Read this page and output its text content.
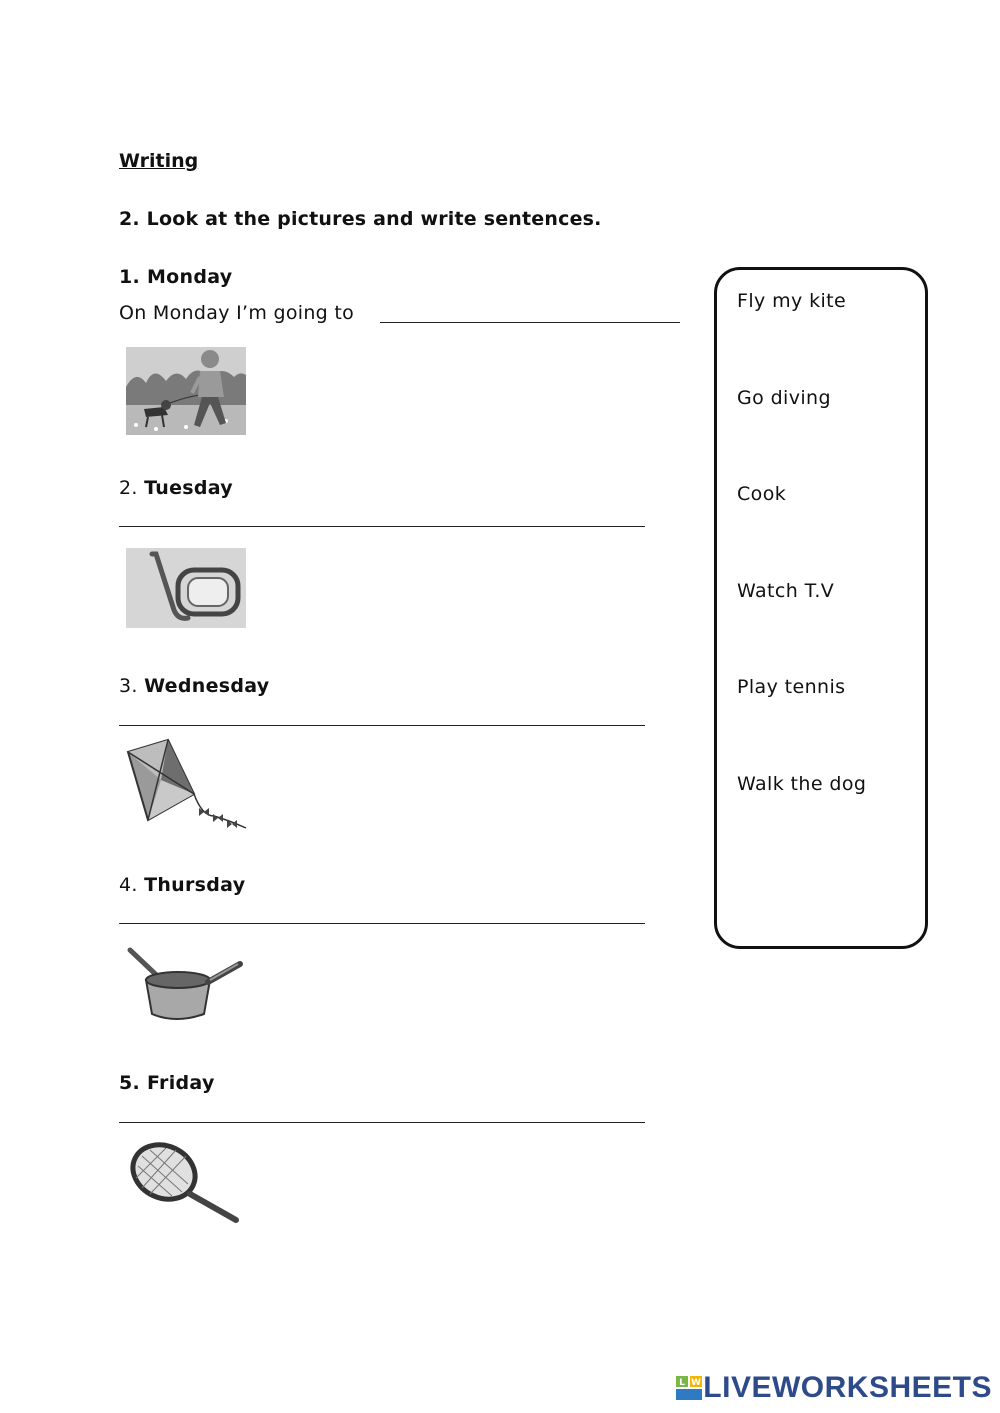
Writing
2. Look at the pictures and write sentences.
1. Monday
On Monday I’m going to
2. Tuesday
3. Wednesday
4. Thursday
5. Friday
Fly my kite
Go diving
Cook
Watch T.V
Play tennis
Walk the dog
L W LIVEWORKSHEETS
